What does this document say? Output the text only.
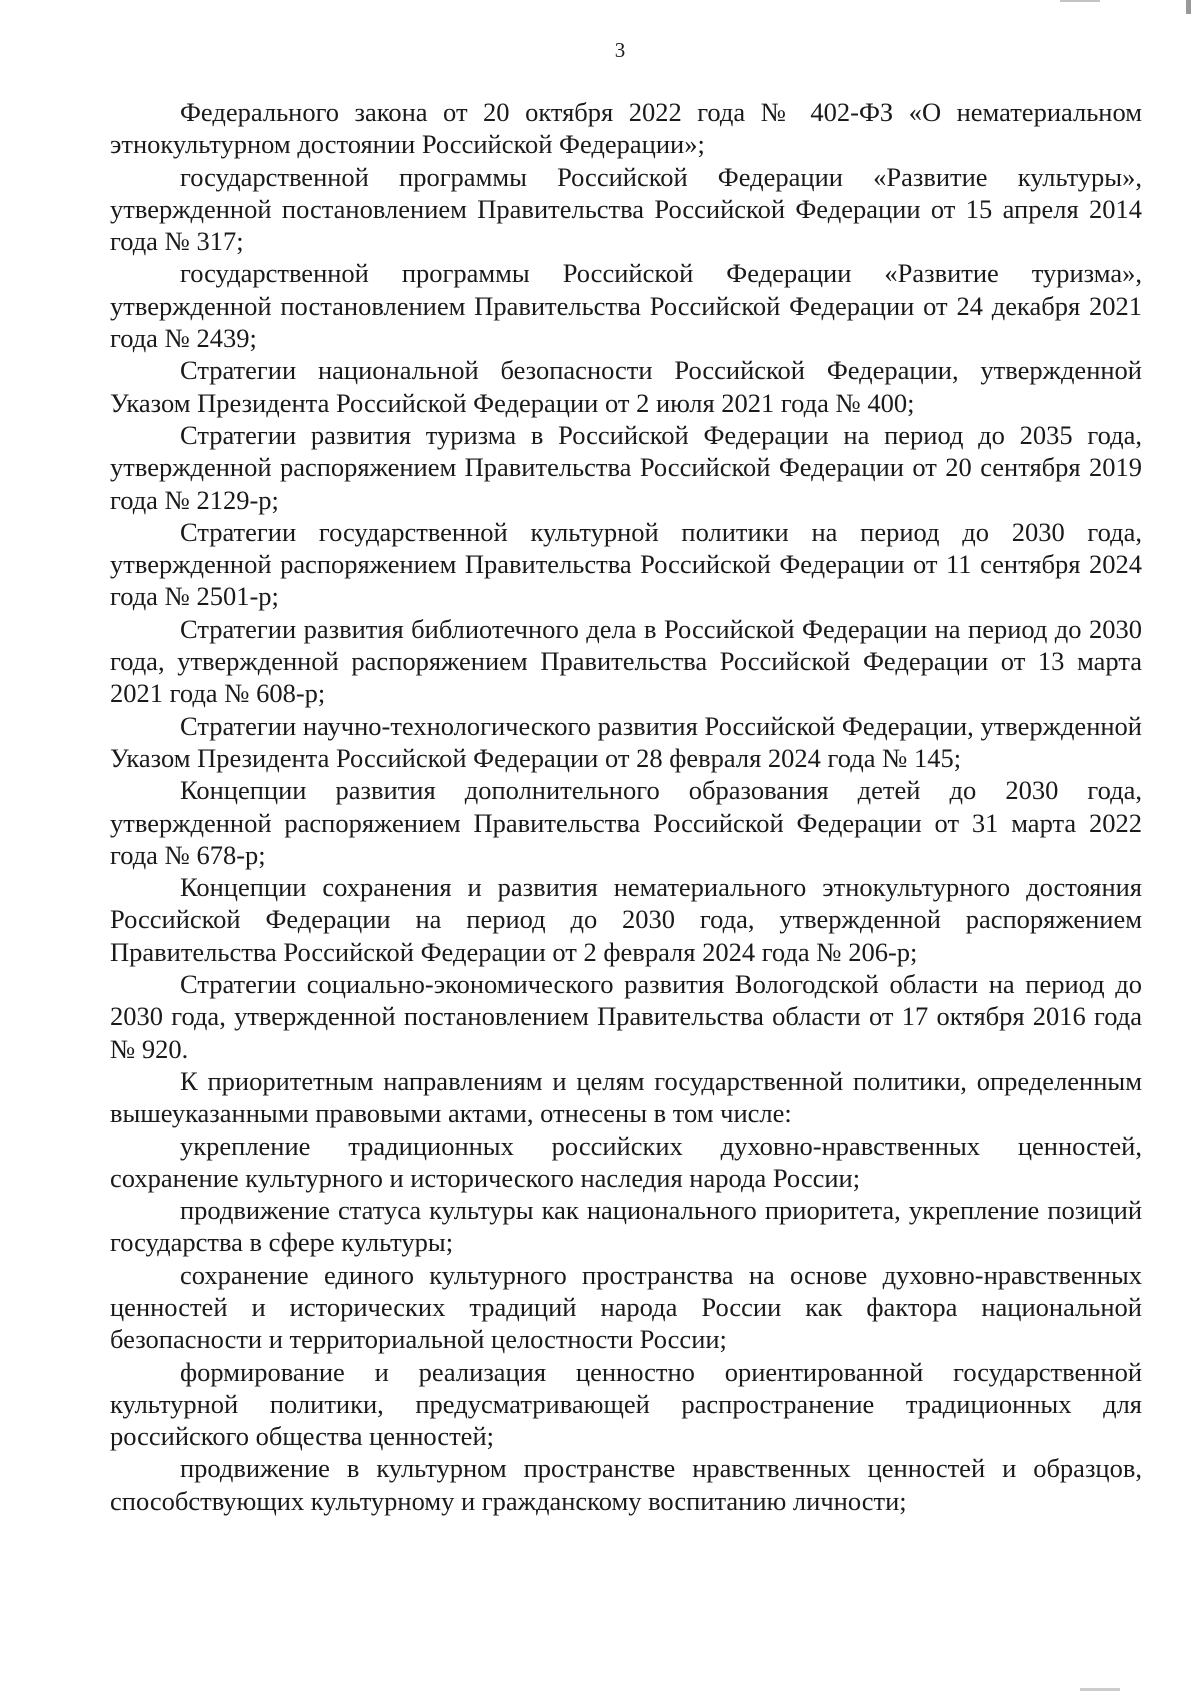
3

Федерального закона от 20 октября 2022 года № 402-ФЗ «О нематериальном этнокультурном достоянии Российской Федерации»;

государственной программы Российской Федерации «Развитие культуры», утвержденной постановлением Правительства Российской Федерации от 15 апреля 2014 года № 317;

государственной программы Российской Федерации «Развитие туризма», утвержденной постановлением Правительства Российской Федерации от 24 декабря 2021 года № 2439;

Стратегии национальной безопасности Российской Федерации, утвержденной Указом Президента Российской Федерации от 2 июля 2021 года № 400;

Стратегии развития туризма в Российской Федерации на период до 2035 года, утвержденной распоряжением Правительства Российской Федерации от 20 сентября 2019 года № 2129-р;

Стратегии государственной культурной политики на период до 2030 года, утвержденной распоряжением Правительства Российской Федерации от 11 сентября 2024 года № 2501-р;

Стратегии развития библиотечного дела в Российской Федерации на период до 2030 года, утвержденной распоряжением Правительства Российской Федерации от 13 марта 2021 года № 608-р;

Стратегии научно-технологического развития Российской Федерации, утвержденной Указом Президента Российской Федерации от 28 февраля 2024 года № 145;

Концепции развития дополнительного образования детей до 2030 года, утвержденной распоряжением Правительства Российской Федерации от 31 марта 2022 года № 678-р;

Концепции сохранения и развития нематериального этнокультурного достояния Российской Федерации на период до 2030 года, утвержденной распоряжением Правительства Российской Федерации от 2 февраля 2024 года № 206-р;

Стратегии социально-экономического развития Вологодской области на период до 2030 года, утвержденной постановлением Правительства области от 17 октября 2016 года № 920.

К приоритетным направлениям и целям государственной политики, определенным вышеуказанными правовыми актами, отнесены в том числе:

укрепление традиционных российских духовно-нравственных ценностей, сохранение культурного и исторического наследия народа России;

продвижение статуса культуры как национального приоритета, укрепление позиций государства в сфере культуры;

сохранение единого культурного пространства на основе духовно-нравственных ценностей и исторических традиций народа России как фактора национальной безопасности и территориальной целостности России;

формирование и реализация ценностно ориентированной государственной культурной политики, предусматривающей распространение традиционных для российского общества ценностей;

продвижение в культурном пространстве нравственных ценностей и образцов, способствующих культурному и гражданскому воспитанию личности;
